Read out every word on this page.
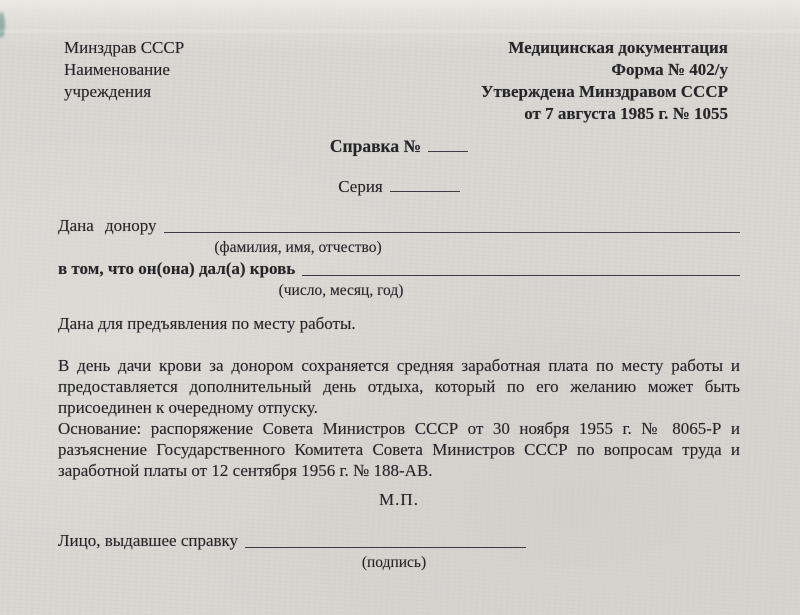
Минздрав СССР
Наименование
учреждения
Медицинская документация
Форма № 402/у
Утверждена Минздравом СССР
от 7 августа 1985 г. № 1055
Справка №
Серия
Дана донору
(фамилия, имя, отчество)
в том, что он(она) дал(а) кровь
(число, месяц, год)

Дана для предъявления по месту работы.

В день дачи крови за донором сохраняется средняя заработная плата по месту работы и предоставляется дополнительный день отдыха, который по его желанию может быть присоединен к очередному отпуску.

Основание: распоряжение Совета Министров СССР от 30 ноября 1955 г. № 8065-Р и разъяснение Государственного Комитета Совета Министров СССР по вопросам труда и заработной платы от 12 сентября 1956 г. № 188-АВ.

М.П.
Лицо, выдавшее справку
(подпись)
